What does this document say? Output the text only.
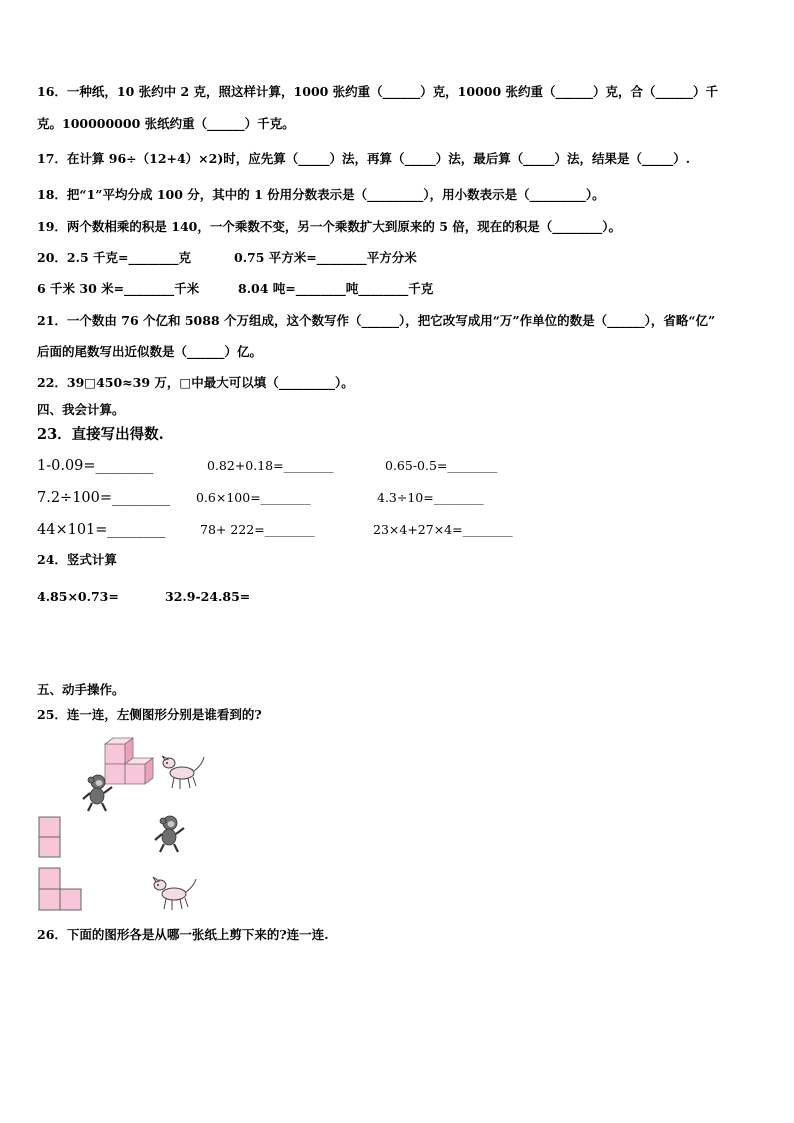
16．一种纸，10 张约中 2 克，照这样计算，1000 张约重（______）克，10000 张约重（______）克，合（______）千
克。100000000 张纸约重（______）千克。
17．在计算 96÷（12+4）×2)时，应先算（_____）法，再算（_____）法，最后算（_____）法，结果是（_____）.
18．把“1”平均分成 100 分，其中的 1 份用分数表示是（_________），用小数表示是（_________）。
19．两个数相乘的积是 140，一个乘数不变，另一个乘数扩大到原来的 5 倍，现在的积是（________）。
20．2.5 千克=________克	0.75 平方米=________平方分米
6 千米 30 米=________千米	8.04 吨=________吨________千克
21．一个数由 76 个亿和 5088 个万组成，这个数写作（______），把它改写成用“万”作单位的数是（______），省略“亿”
后面的尾数写出近似数是（______）亿。
22．39□450≈39 万，□中最大可以填（_________）。
四、我会计算。
23．直接写出得数.
1-0.09=________	0.82+0.18=________	0.65-0.5=________
7.2÷100=________ 0.6×100=________	4.3÷10=________
44×101=________	78+ 222=________	23×4+27×4=________
24．竖式计算
4.85×0.73=	32.9-24.85=
五、动手操作。
25．连一连，左侧图形分别是谁看到的?
26．下面的图形各是从哪一张纸上剪下来的?连一连.
